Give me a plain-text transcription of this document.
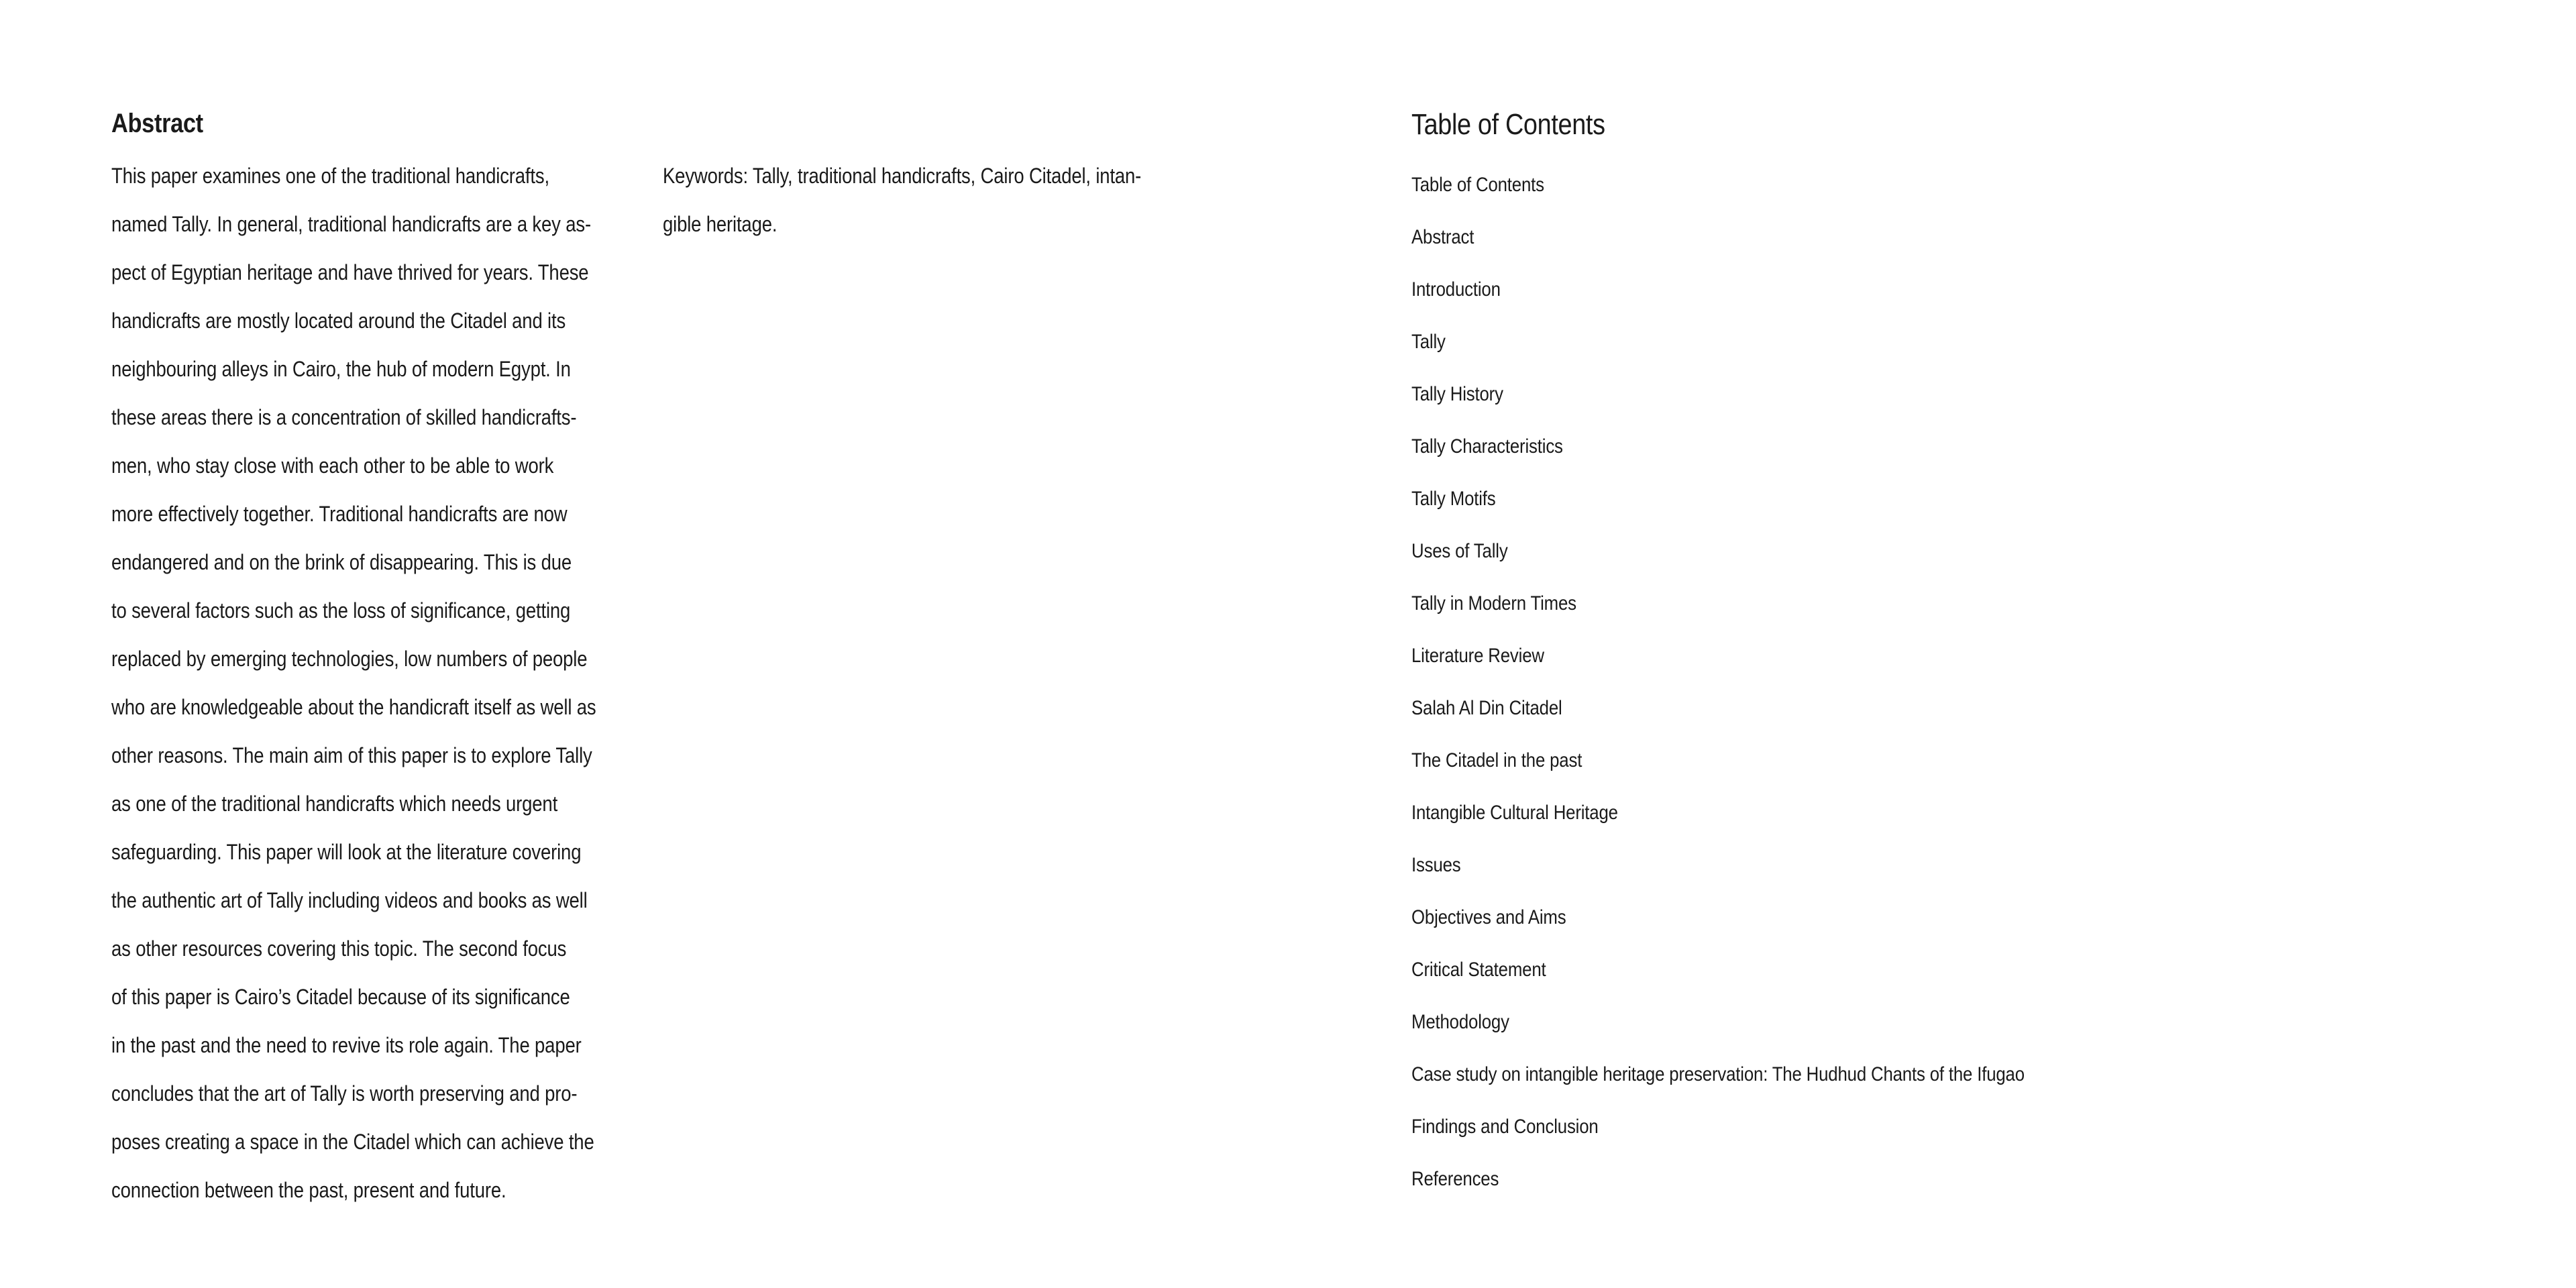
Abstract
This paper examines one of the traditional handicrafts,
named Tally. In general, traditional handicrafts are a key as-
pect of Egyptian heritage and have thrived for years. These
handicrafts are mostly located around the Citadel and its
neighbouring alleys in Cairo, the hub of modern Egypt. In
these areas there is a concentration of skilled handicrafts-
men, who stay close with each other to be able to work
more effectively together. Traditional handicrafts are now
endangered and on the brink of disappearing. This is due
to several factors such as the loss of significance, getting
replaced by emerging technologies, low numbers of people
who are knowledgeable about the handicraft itself as well as
other reasons. The main aim of this paper is to explore Tally
as one of the traditional handicrafts which needs urgent
safeguarding. This paper will look at the literature covering
the authentic art of Tally including videos and books as well
as other resources covering this topic. The second focus
of this paper is Cairo’s Citadel because of its significance
in the past and the need to revive its role again. The paper
concludes that the art of Tally is worth preserving and pro-
poses creating a space in the Citadel which can achieve the
connection between the past, present and future.
Keywords: Tally, traditional handicrafts, Cairo Citadel, intan-
gible heritage.
Table of Contents
Table of Contents
Abstract
Introduction
Tally
Tally History
Tally Characteristics
Tally Motifs
Uses of Tally
Tally in Modern Times
Literature Review
Salah Al Din Citadel
The Citadel in the past
Intangible Cultural Heritage
Issues
Objectives and Aims
Critical Statement
Methodology
Case study on intangible heritage preservation: The Hudhud Chants of the Ifugao
Findings and Conclusion
References
